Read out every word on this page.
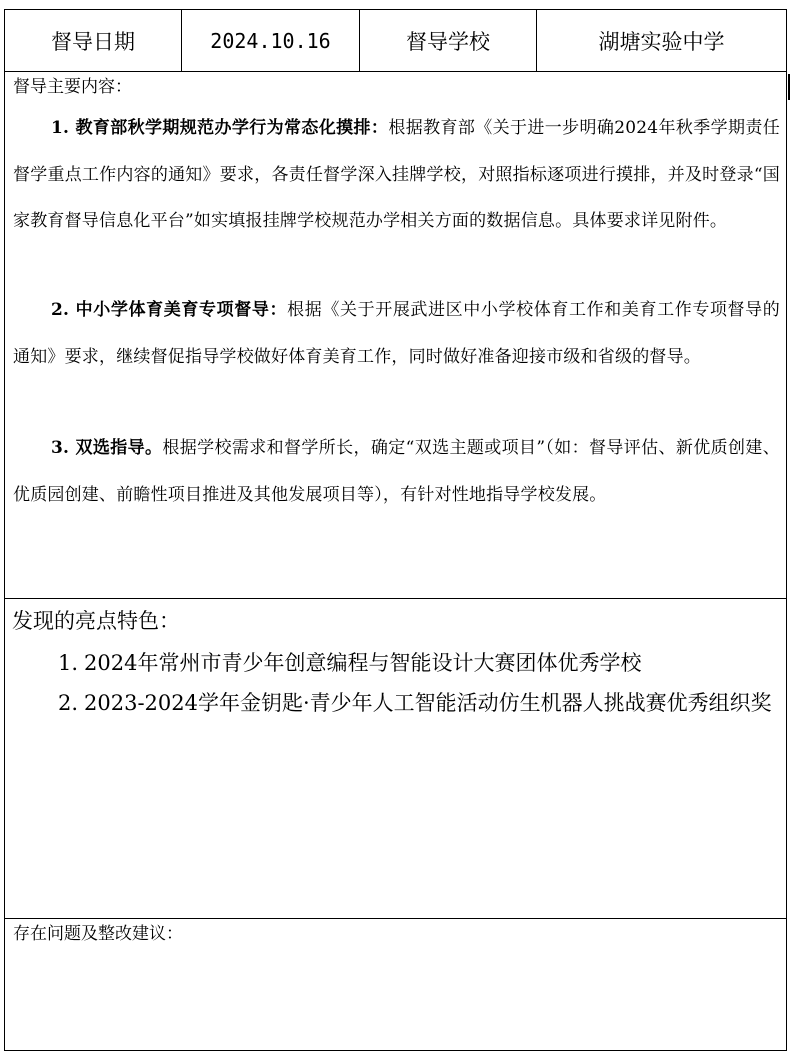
督导日期	2024.10.16	督导学校	湖塘实验中学
督导主要内容：
1. 教育部秋学期规范办学行为常态化摸排：根据教育部《关于进一步明确2024年秋季学期责任督学重点工作内容的通知》要求，各责任督学深入挂牌学校，对照指标逐项进行摸排，并及时登录“国家教育督导信息化平台”如实填报挂牌学校规范办学相关方面的数据信息。具体要求详见附件。
2. 中小学体育美育专项督导：根据《关于开展武进区中小学校体育工作和美育工作专项督导的通知》要求，继续督促指导学校做好体育美育工作，同时做好准备迎接市级和省级的督导。
3. 双选指导。根据学校需求和督学所长，确定“双选主题或项目”（如：督导评估、新优质创建、优质园创建、前瞻性项目推进及其他发展项目等），有针对性地指导学校发展。
发现的亮点特色：
1. 2024年常州市青少年创意编程与智能设计大赛团体优秀学校
2. 2023-2024学年金钥匙·青少年人工智能活动仿生机器人挑战赛优秀组织奖
存在问题及整改建议：
